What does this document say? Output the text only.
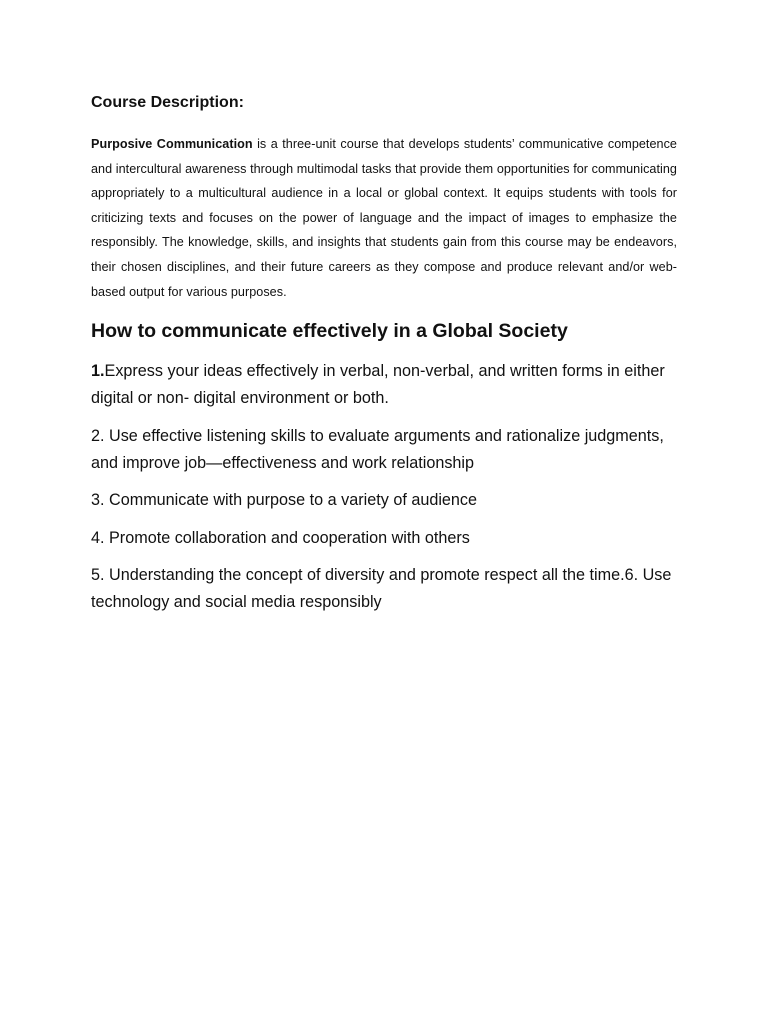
Course Description:

Purposive Communication is a three-unit course that develops students’ communicative competence and intercultural awareness through multimodal tasks that provide them opportunities for communicating appropriately to a multicultural audience in a local or global context. It equips students with tools for criticizing texts and focuses on the power of language and the impact of images to emphasize the responsibly. The knowledge, skills, and insights that students gain from this course may be endeavors, their chosen disciplines, and their future careers as they compose and produce relevant and/or web-based output for various purposes.

How to communicate effectively in a Global Society
1.Express your ideas effectively in verbal, non-verbal, and written forms in either digital or non- digital environment or both.
2. Use effective listening skills to evaluate arguments and rationalize judgments, and improve job—effectiveness and work relationship
3. Communicate with purpose to a variety of audience
4. Promote collaboration and cooperation with others
5. Understanding the concept of diversity and promote respect all the time.6. Use technology and social media responsibly
